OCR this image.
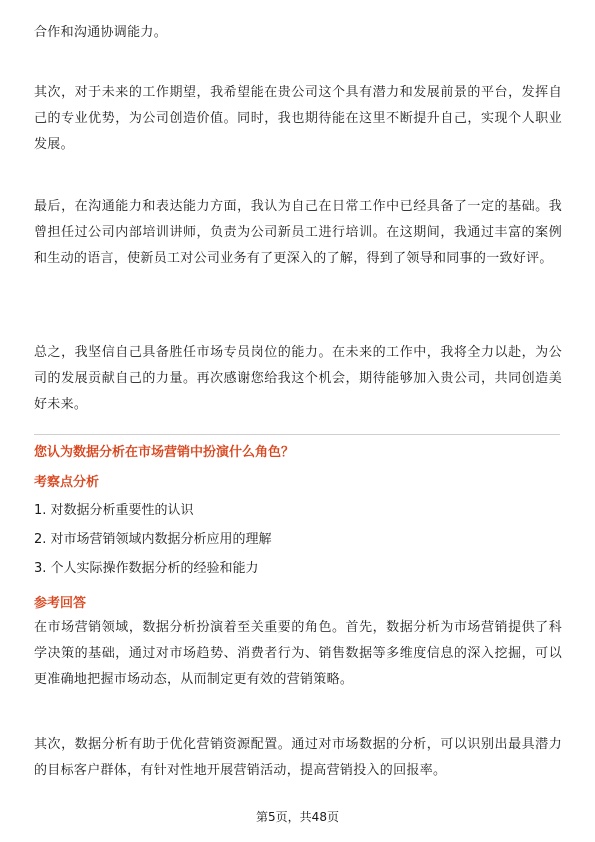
合作和沟通协调能力。

其次，对于未来的工作期望，我希望能在贵公司这个具有潜力和发展前景的平台，发挥自己的专业优势，为公司创造价值。同时，我也期待能在这里不断提升自己，实现个人职业发展。

最后，在沟通能力和表达能力方面，我认为自己在日常工作中已经具备了一定的基础。我曾担任过公司内部培训讲师，负责为公司新员工进行培训。在这期间，我通过丰富的案例和生动的语言，使新员工对公司业务有了更深入的了解，得到了领导和同事的一致好评。

总之，我坚信自己具备胜任市场专员岗位的能力。在未来的工作中，我将全力以赴，为公司的发展贡献自己的力量。再次感谢您给我这个机会，期待能够加入贵公司，共同创造美好未来。

您认为数据分析在市场营销中扮演什么角色？

考察点分析

1. 对数据分析重要性的认识

2. 对市场营销领域内数据分析应用的理解

3. 个人实际操作数据分析的经验和能力

参考回答

在市场营销领域，数据分析扮演着至关重要的角色。首先，数据分析为市场营销提供了科学决策的基础，通过对市场趋势、消费者行为、销售数据等多维度信息的深入挖掘，可以更准确地把握市场动态，从而制定更有效的营销策略。

其次，数据分析有助于优化营销资源配置。通过对市场数据的分析，可以识别出最具潜力的目标客户群体，有针对性地开展营销活动，提高营销投入的回报率。

第5页，共48页
